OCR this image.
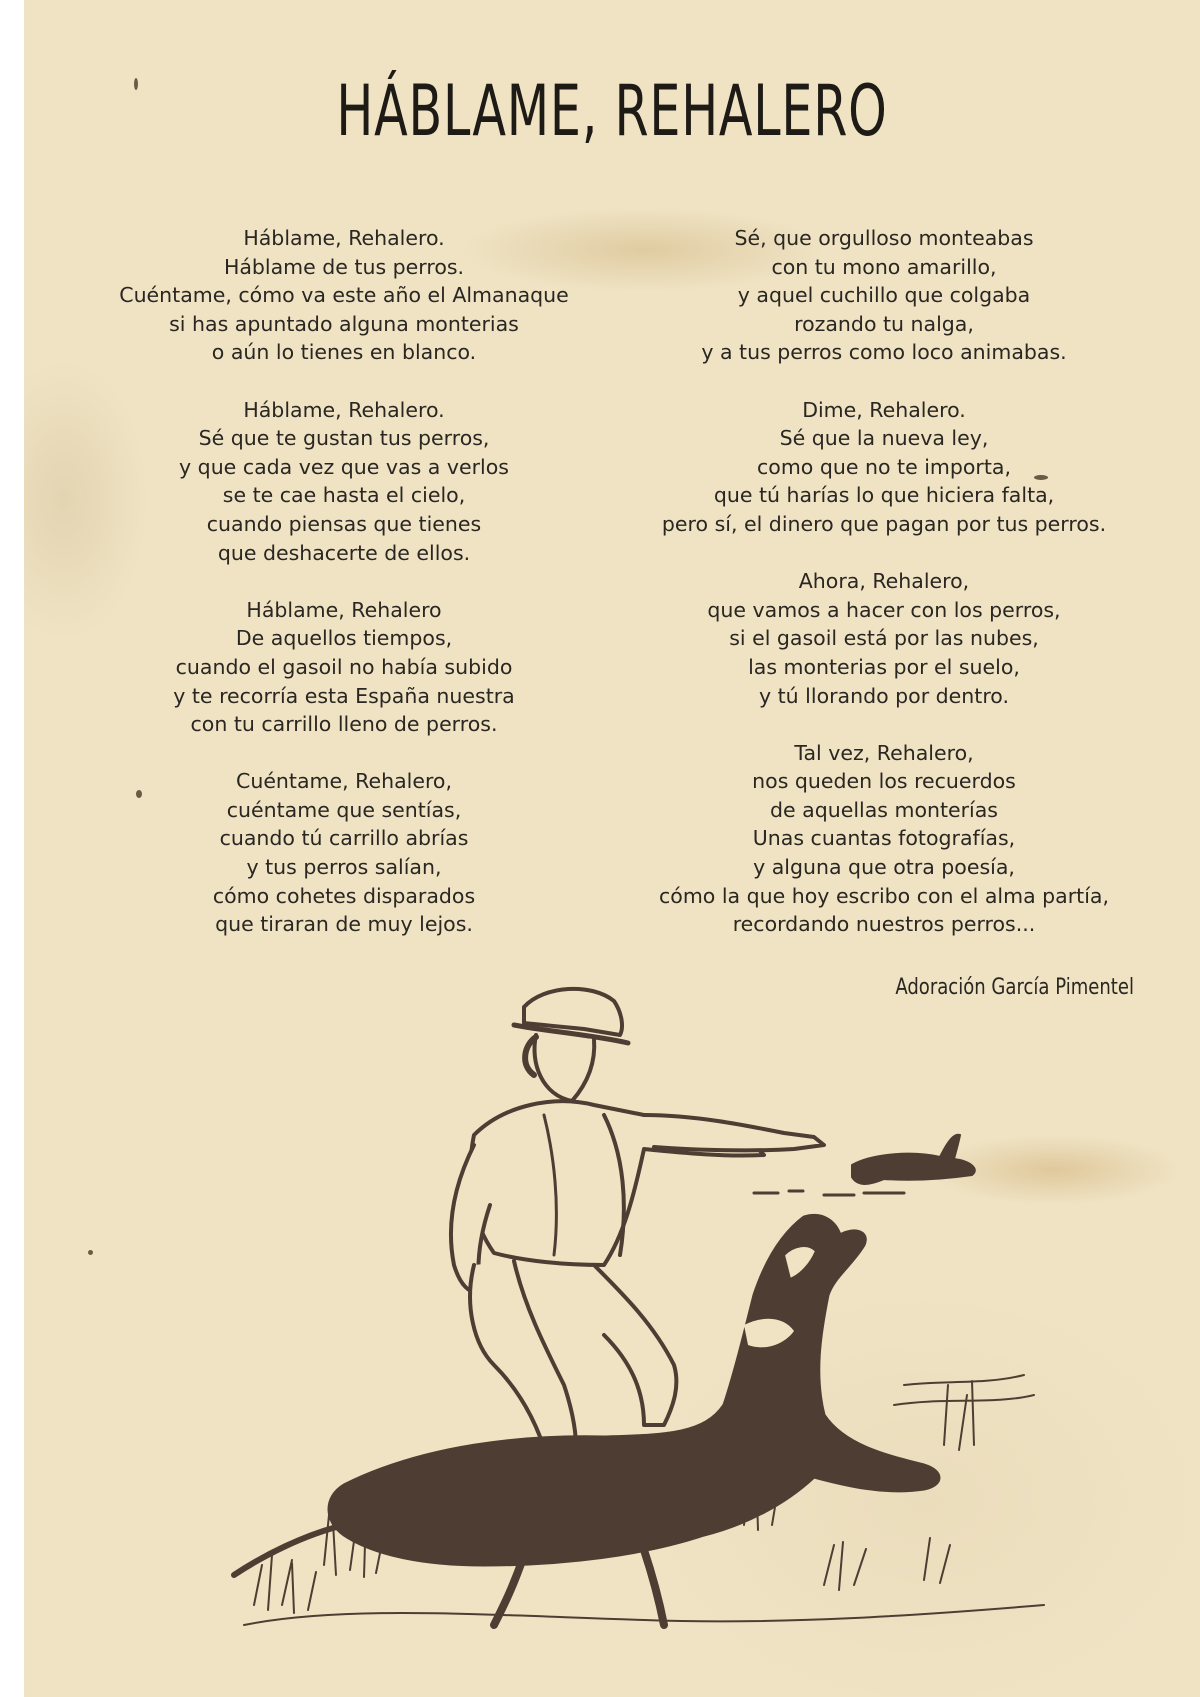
HÁBLAME, REHALERO
Háblame, Rehalero.
Háblame de tus perros.
Cuéntame, cómo va este año el Almanaque
si has apuntado alguna monterias
o aún lo tienes en blanco.
Háblame, Rehalero.
Sé que te gustan tus perros,
y que cada vez que vas a verlos
se te cae hasta el cielo,
cuando piensas que tienes
que deshacerte de ellos.
Háblame, Rehalero
De aquellos tiempos,
cuando el gasoil no había subido
y te recorría esta España nuestra
con tu carrillo lleno de perros.
Cuéntame, Rehalero,
cuéntame que sentías,
cuando tú carrillo abrías
y tus perros salían,
cómo cohetes disparados
que tiraran de muy lejos.
Sé, que orgulloso monteabas
con tu mono amarillo,
y aquel cuchillo que colgaba
rozando tu nalga,
y a tus perros como loco animabas.
Dime, Rehalero.
Sé que la nueva ley,
como que no te importa,
que tú harías lo que hiciera falta,
pero sí, el dinero que pagan por tus perros.
Ahora, Rehalero,
que vamos a hacer con los perros,
si el gasoil está por las nubes,
las monterias por el suelo,
y tú llorando por dentro.
Tal vez, Rehalero,
nos queden los recuerdos
de aquellas monterías
Unas cuantas fotografías,
y alguna que otra poesía,
cómo la que hoy escribo con el alma partía,
recordando nuestros perros...
Adoración García Pimentel
